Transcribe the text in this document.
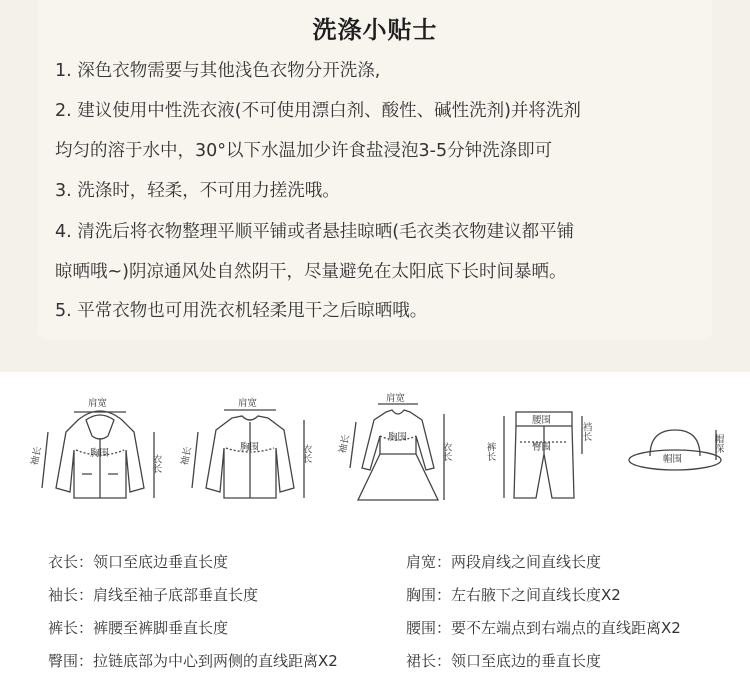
洗涤小贴士
1. 深色衣物需要与其他浅色衣物分开洗涤,
2. 建议使用中性洗衣液(不可使用漂白剂、酸性、碱性洗剂)并将洗剂
均匀的溶于水中，30°以下水温加少许食盐浸泡3-5分钟洗涤即可
3. 洗涤时，轻柔，不可用力搓洗哦。
4. 清洗后将衣物整理平顺平铺或者悬挂晾晒(毛衣类衣物建议都平铺
晾晒哦~)阴凉通风处自然阴干，尽量避免在太阳底下长时间暴晒。
5. 平常衣物也可用洗衣机轻柔甩干之后晾晒哦。
肩宽
胸围
袖长	衣长
肩宽
胸围
袖长	衣长
肩宽
胸围
袖长	衣长
腰围
臀围
裤长
裆长
帽围
帽深
衣长：领口至底边垂直长度	肩宽：两段肩线之间直线长度
袖长：肩线至袖子底部垂直长度	胸围：左右腋下之间直线长度X2
裤长：裤腰至裤脚垂直长度	腰围：要不左端点到右端点的直线距离X2
臀围：拉链底部为中心到两侧的直线距离X2	裙长：领口至底边的垂直长度
